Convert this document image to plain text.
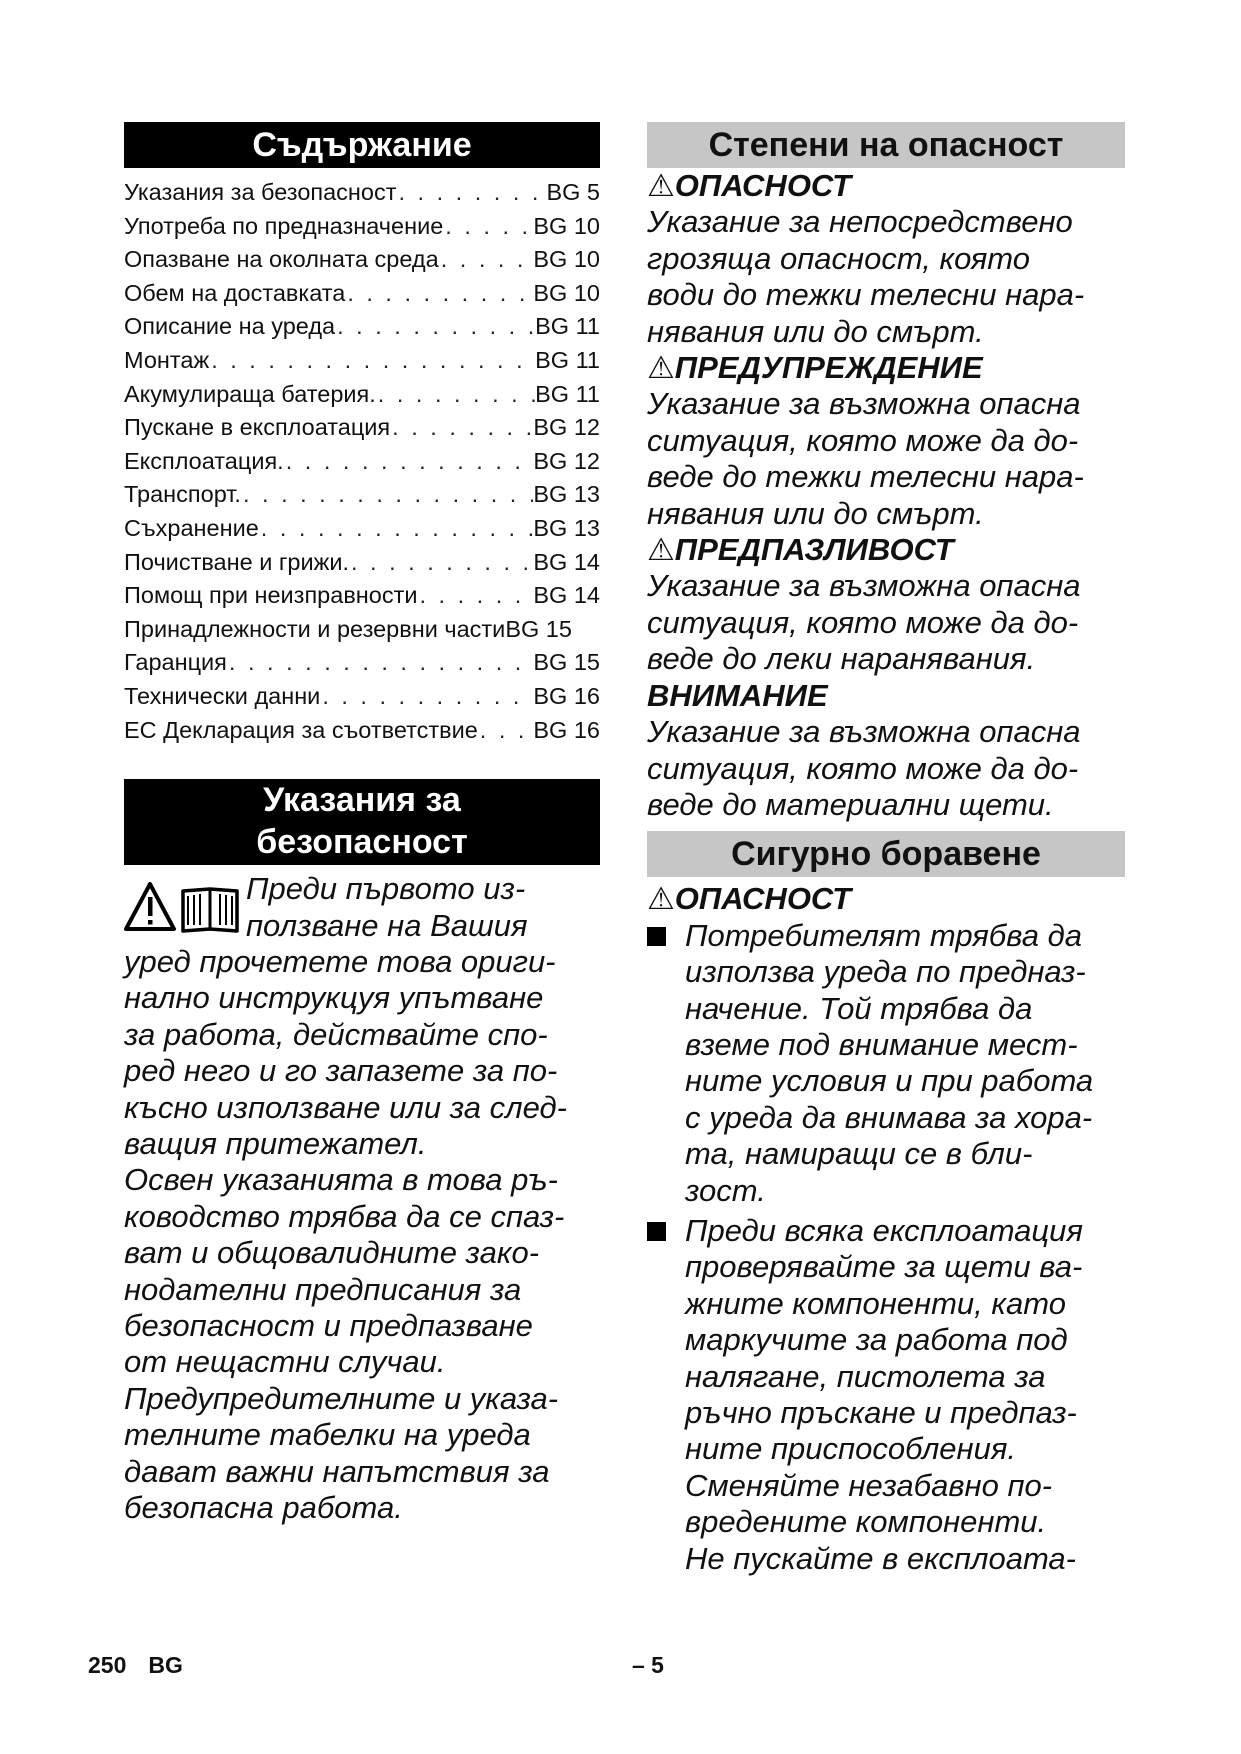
Съдържание
Указания за безопасност . . .	BG 5
Употреба по предназначение . . .	BG 10
Опазване на околната среда . . .	BG 10
Обем на доставката . . .	BG 10
Описание на уреда . . .	BG 11
Монтаж . . .	BG 11
Акумулираща батерия. . . .	BG 11
Пускане в експлоатация . . .	BG 12
Експлоатация. . . .	BG 12
Транспорт. . . .	BG 13
Съхранение . . .	BG 13
Почистване и грижи. . . .	BG 14
Помощ при неизправности . . .	BG 14
Принадлежности и резервни части BG 15
Гаранция . . .	BG 15
Технически данни . . .	BG 16
ЕС Декларация за съответствие . . . BG 16
Указания за
безопасност
Преди първото из-
ползване на Вашия
уред прочетете това ориги-
нално инструкцуя упътване
за работа, действайте спо-
ред него и го запазете за по-
късно използване или за след-
ващия притежател.
Освен указанията в това ръ-
ководство трябва да се спаз-
ват и общовалидните зако-
нодателни предписания за
безопасност и предпазване
от нещастни случаи.
Предупредителните и указа-
телните табелки на уреда
дават важни напътствия за
безопасна работа.
Степени на опасност
⚠ОПАСНОСТ
Указание за непосредствено
грозяща опасност, която
води до тежки телесни нара-
нявания или до смърт.
⚠ПРЕДУПРЕЖДЕНИЕ
Указание за възможна опасна
ситуация, която може да до-
веде до тежки телесни нара-
нявания или до смърт.
⚠ПРЕДПАЗЛИВОСТ
Указание за възможна опасна
ситуация, която може да до-
веде до леки наранявания.
ВНИМАНИЕ
Указание за възможна опасна
ситуация, която може да до-
веде до материални щети.
Сигурно боравене
⚠ОПАСНОСТ
Потребителят трябва да
използва уреда по предназ-
начение. Той трябва да
вземе под внимание мест-
ните условия и при работа
с уреда да внимава за хора-
та, намиращи се в бли-
зост.
Преди всяка експлоатация
проверявайте за щети ва-
жните компоненти, като
маркучите за работа под
налягане, пистолета за
ръчно пръскане и предпаз-
ните приспособления.
Сменяйте незабавно по-
вредените компоненти.
Не пускайте в експлоата-
250 BG	– 5
